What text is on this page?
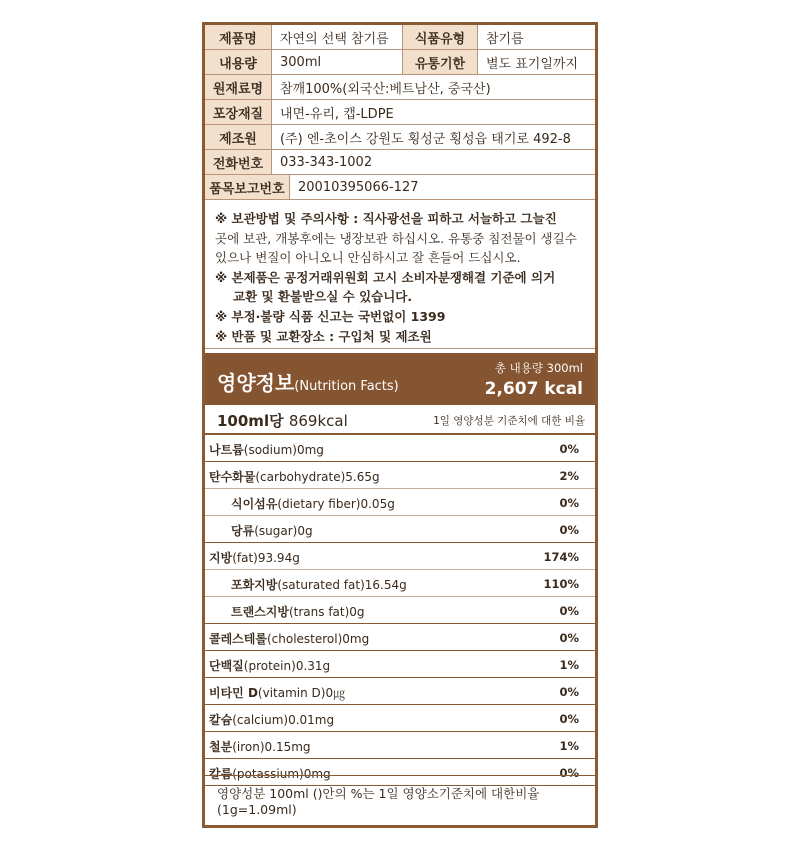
제품명	자연의 선택 참기름	식품유형	참기름
내용량	300ml	유통기한	별도 표기일까지
원재료명	참깨100%(외국산:베트남산, 중국산)
포장재질	내면-유리, 캡-LDPE
제조원	(주) 엔-초이스 강원도 횡성군 횡성읍 태기로 492-8
전화번호	033-343-1002
품목보고번호	20010395066-127

※ 보관방법 및 주의사항 : 직사광선을 피하고 서늘하고 그늘진

곳에 보관, 개봉후에는 냉장보관 하십시오. 유통중 침전물이 생길수

있으나 변질이 아니오니 안심하시고 잘 흔들어 드십시오.

※ 본제품은 공정거래위원회 고시 소비자분쟁해결 기준에 의거

교환 및 환불받으실 수 있습니다.

※ 부정·불량 식품 신고는 국번없이 1399

※ 반품 및 교환장소 : 구입처 및 제조원

영양정보(Nutrition Facts)
총 내용량 300ml
2,607 kcal
100ml당 869kcal	1일 영양성분 기준치에 대한 비율
나트륨(sodium)0mg	0%
탄수화물(carbohydrate)5.65g	2%
식이섬유(dietary fiber)0.05g	0%
당류(sugar)0g	0%
지방(fat)93.94g	174%
포화지방(saturated fat)16.54g	110%
트랜스지방(trans fat)0g	0%
콜레스테롤(cholesterol)0mg	0%
단백질(protein)0.31g	1%
비타민 D(vitamin D)0㎍	0%
칼슘(calcium)0.01mg	0%
철분(iron)0.15mg	1%
칼륨(potassium)0mg	0%
영양성분 100ml ()안의 %는 1일 영양소기준치에 대한비율(1g=1.09ml)
